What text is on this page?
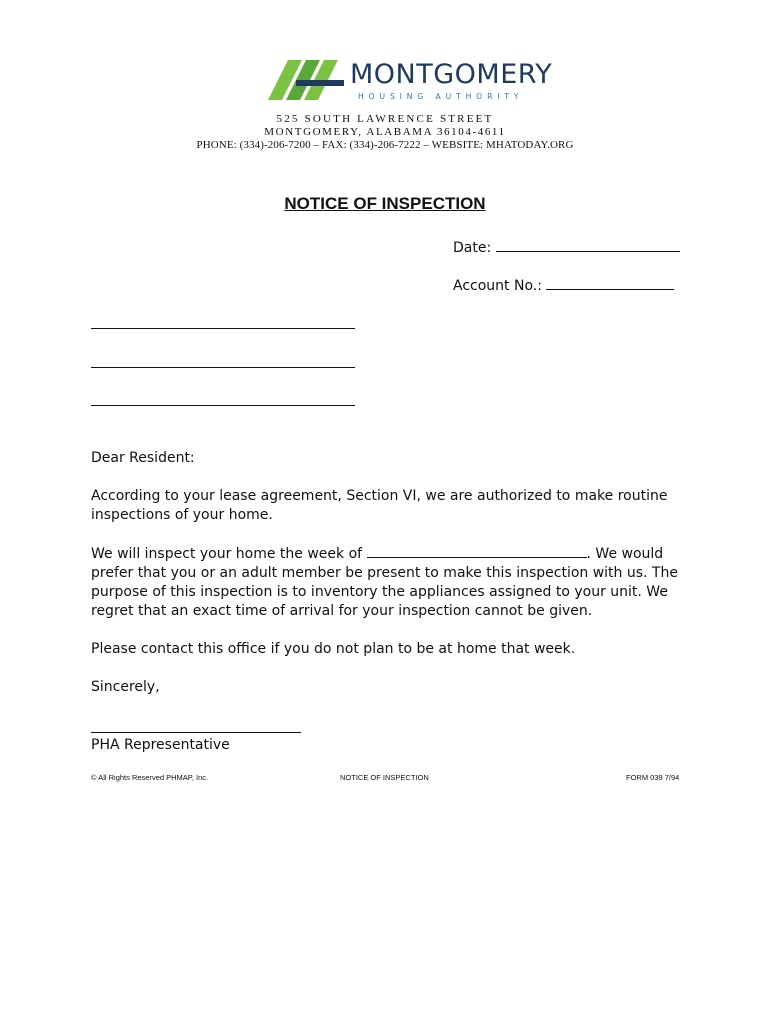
MONTGOMERY
HOUSING AUTHORITY
525 SOUTH LAWRENCE STREET
MONTGOMERY, ALABAMA 36104-4611
PHONE: (334)-206-7200 – FAX: (334)-206-7222 – WEBSITE: MHATODAY.ORG
NOTICE OF INSPECTION
Date:
Account No.:
Dear Resident:
According to your lease agreement, Section VI, we are authorized to make routine inspections of your home.
We will inspect your home the week of	. We would prefer that you or an adult member be present to make this inspection with us. The purpose of this inspection is to inventory the appliances assigned to your unit. We regret that an exact time of arrival for your inspection cannot be given.
Please contact this office if you do not plan to be at home that week.
Sincerely,
PHA Representative
© All Rights Reserved PHMAP, Inc.	NOTICE OF INSPECTION	FORM 039 7/94
